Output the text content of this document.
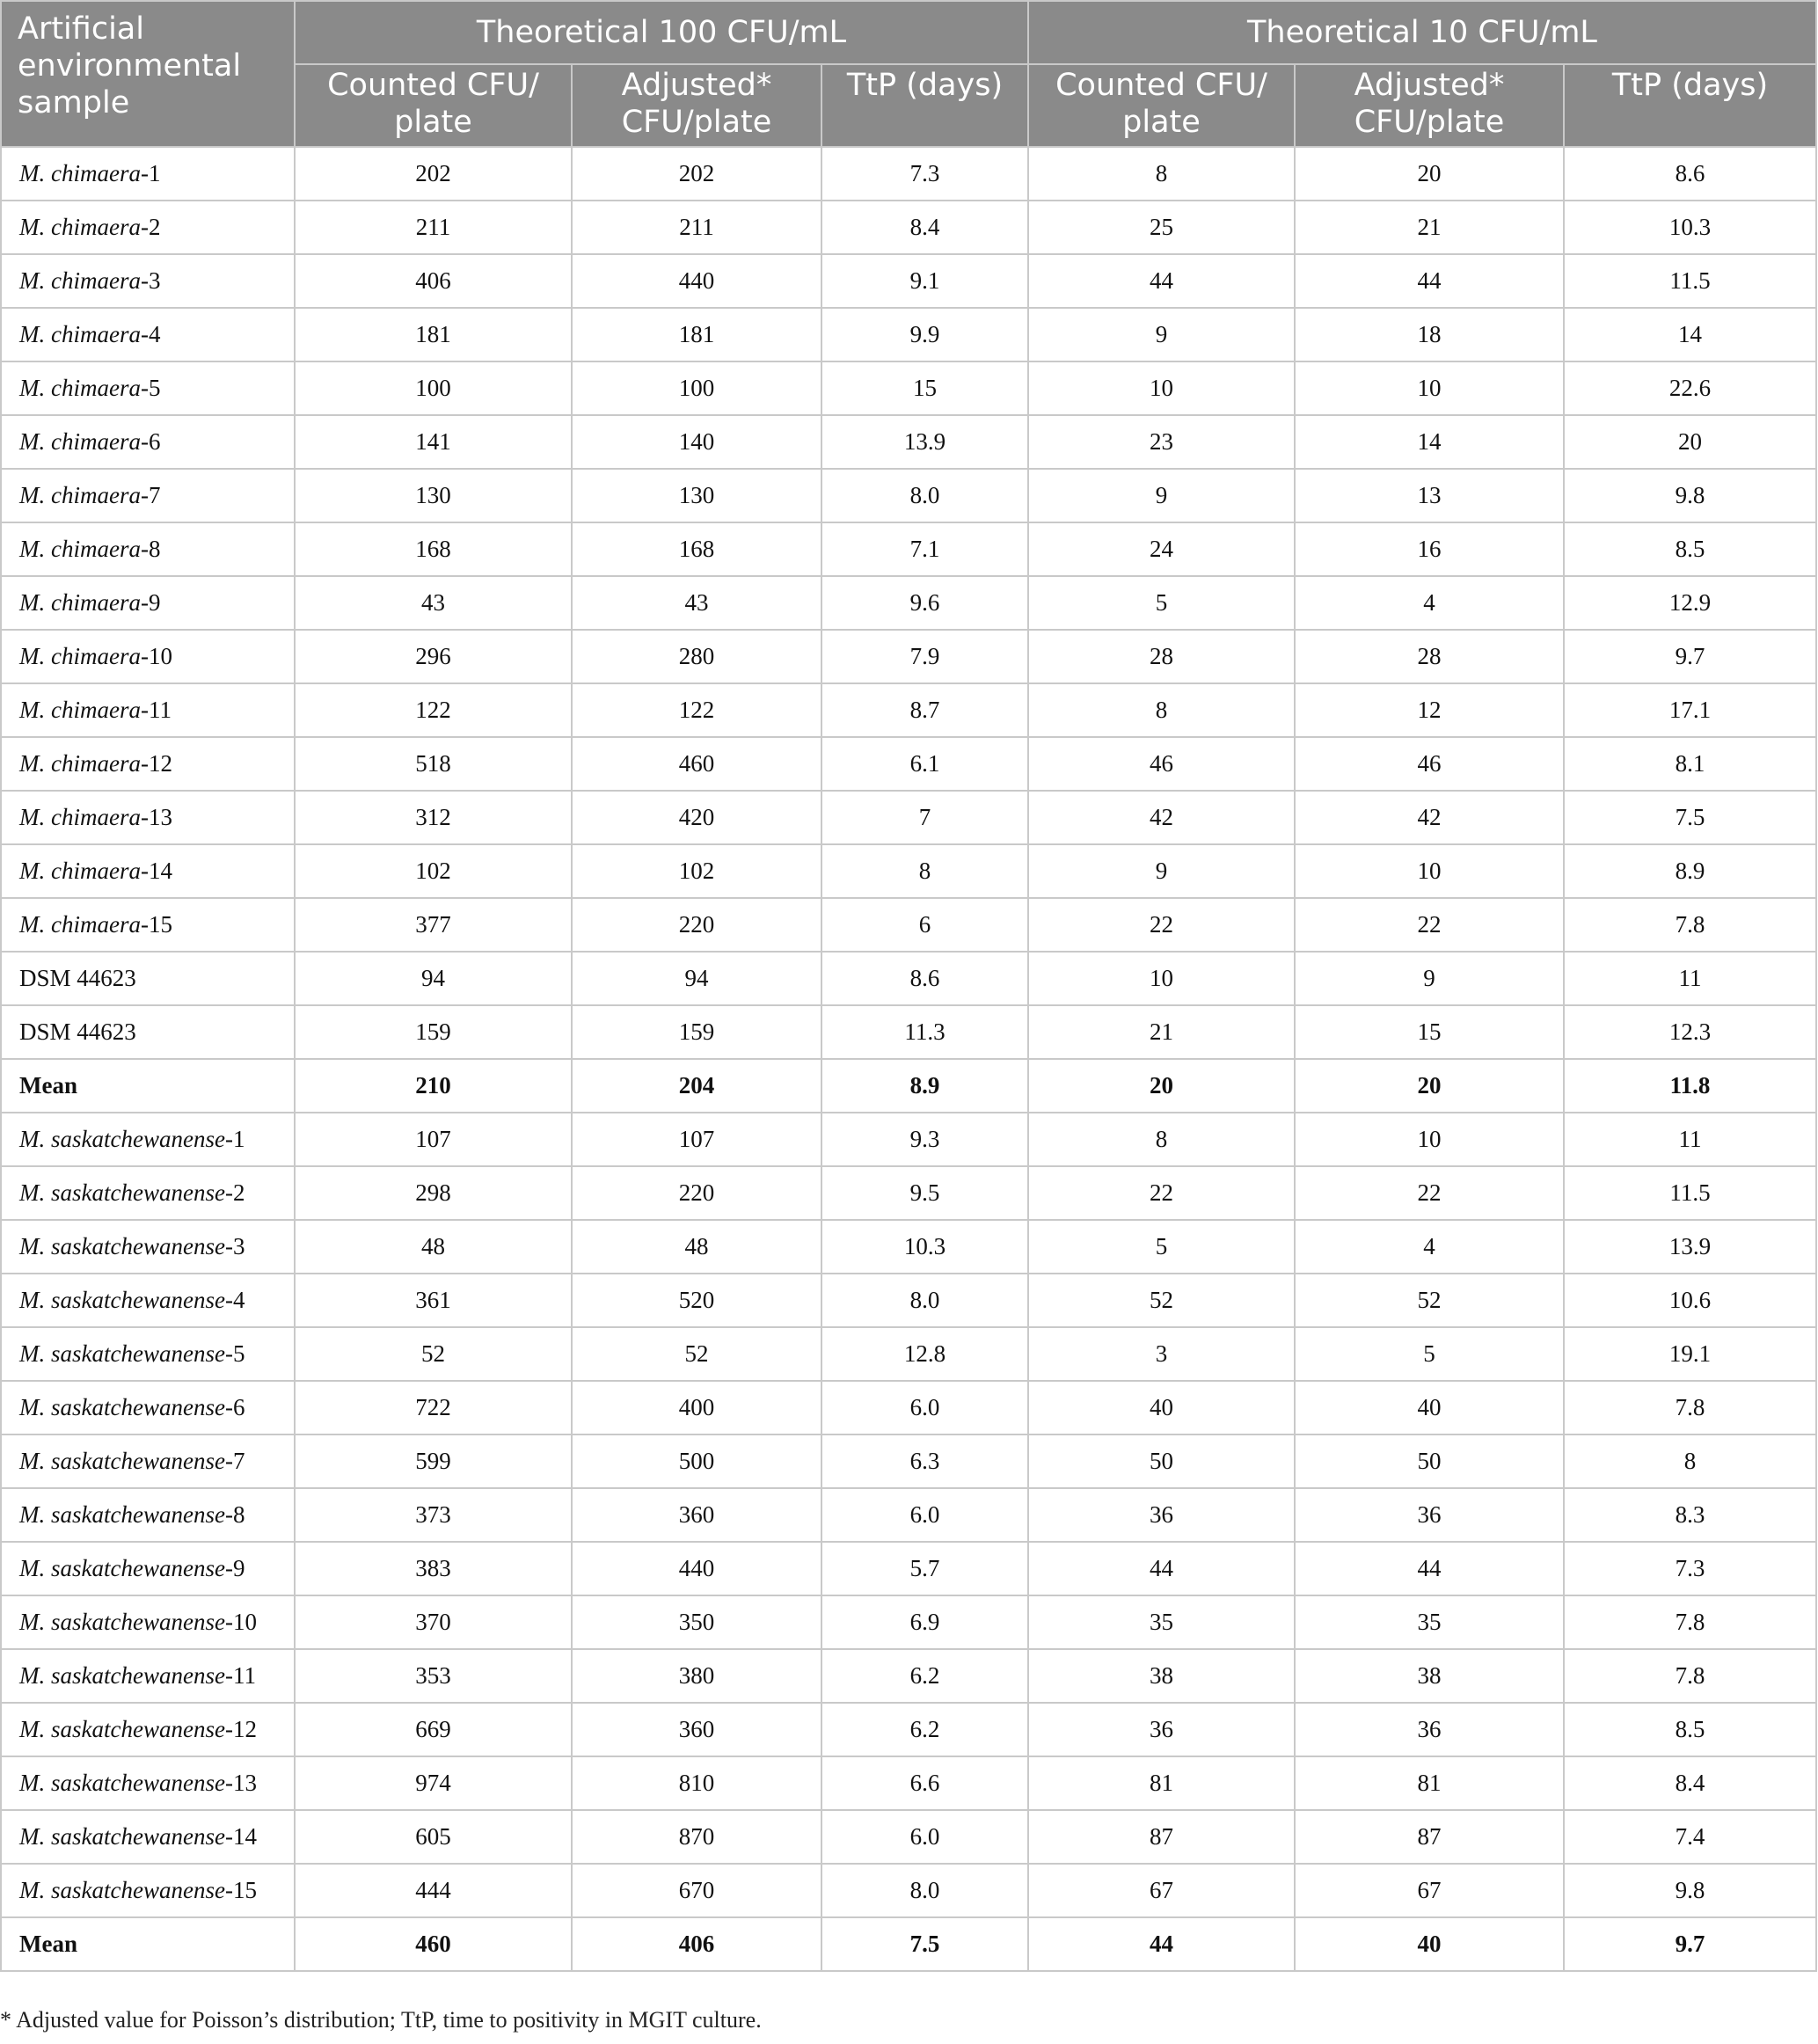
Artificial environmental sample	Theoretical 100 CFU/mL			Theoretical 10 CFU/mL		
	Counted CFU/ plate	Adjusted* CFU/plate	TtP (days)	Counted CFU/ plate	Adjusted* CFU/plate	TtP (days)
M. chimaera-1	202	202	7.3	8	20	8.6
M. chimaera-2	211	211	8.4	25	21	10.3
M. chimaera-3	406	440	9.1	44	44	11.5
M. chimaera-4	181	181	9.9	9	18	14
M. chimaera-5	100	100	15	10	10	22.6
M. chimaera-6	141	140	13.9	23	14	20
M. chimaera-7	130	130	8.0	9	13	9.8
M. chimaera-8	168	168	7.1	24	16	8.5
M. chimaera-9	43	43	9.6	5	4	12.9
M. chimaera-10	296	280	7.9	28	28	9.7
M. chimaera-11	122	122	8.7	8	12	17.1
M. chimaera-12	518	460	6.1	46	46	8.1
M. chimaera-13	312	420	7	42	42	7.5
M. chimaera-14	102	102	8	9	10	8.9
M. chimaera-15	377	220	6	22	22	7.8
DSM 44623	94	94	8.6	10	9	11
DSM 44623	159	159	11.3	21	15	12.3
Mean	210	204	8.9	20	20	11.8
M. saskatchewanense-1	107	107	9.3	8	10	11
M. saskatchewanense-2	298	220	9.5	22	22	11.5
M. saskatchewanense-3	48	48	10.3	5	4	13.9
M. saskatchewanense-4	361	520	8.0	52	52	10.6
M. saskatchewanense-5	52	52	12.8	3	5	19.1
M. saskatchewanense-6	722	400	6.0	40	40	7.8
M. saskatchewanense-7	599	500	6.3	50	50	8
M. saskatchewanense-8	373	360	6.0	36	36	8.3
M. saskatchewanense-9	383	440	5.7	44	44	7.3
M. saskatchewanense-10	370	350	6.9	35	35	7.8
M. saskatchewanense-11	353	380	6.2	38	38	7.8
M. saskatchewanense-12	669	360	6.2	36	36	8.5
M. saskatchewanense-13	974	810	6.6	81	81	8.4
M. saskatchewanense-14	605	870	6.0	87	87	7.4
M. saskatchewanense-15	444	670	8.0	67	67	9.8
Mean	460	406	7.5	44	40	9.7
* Adjusted value for Poisson’s distribution; TtP, time to positivity in MGIT culture.
